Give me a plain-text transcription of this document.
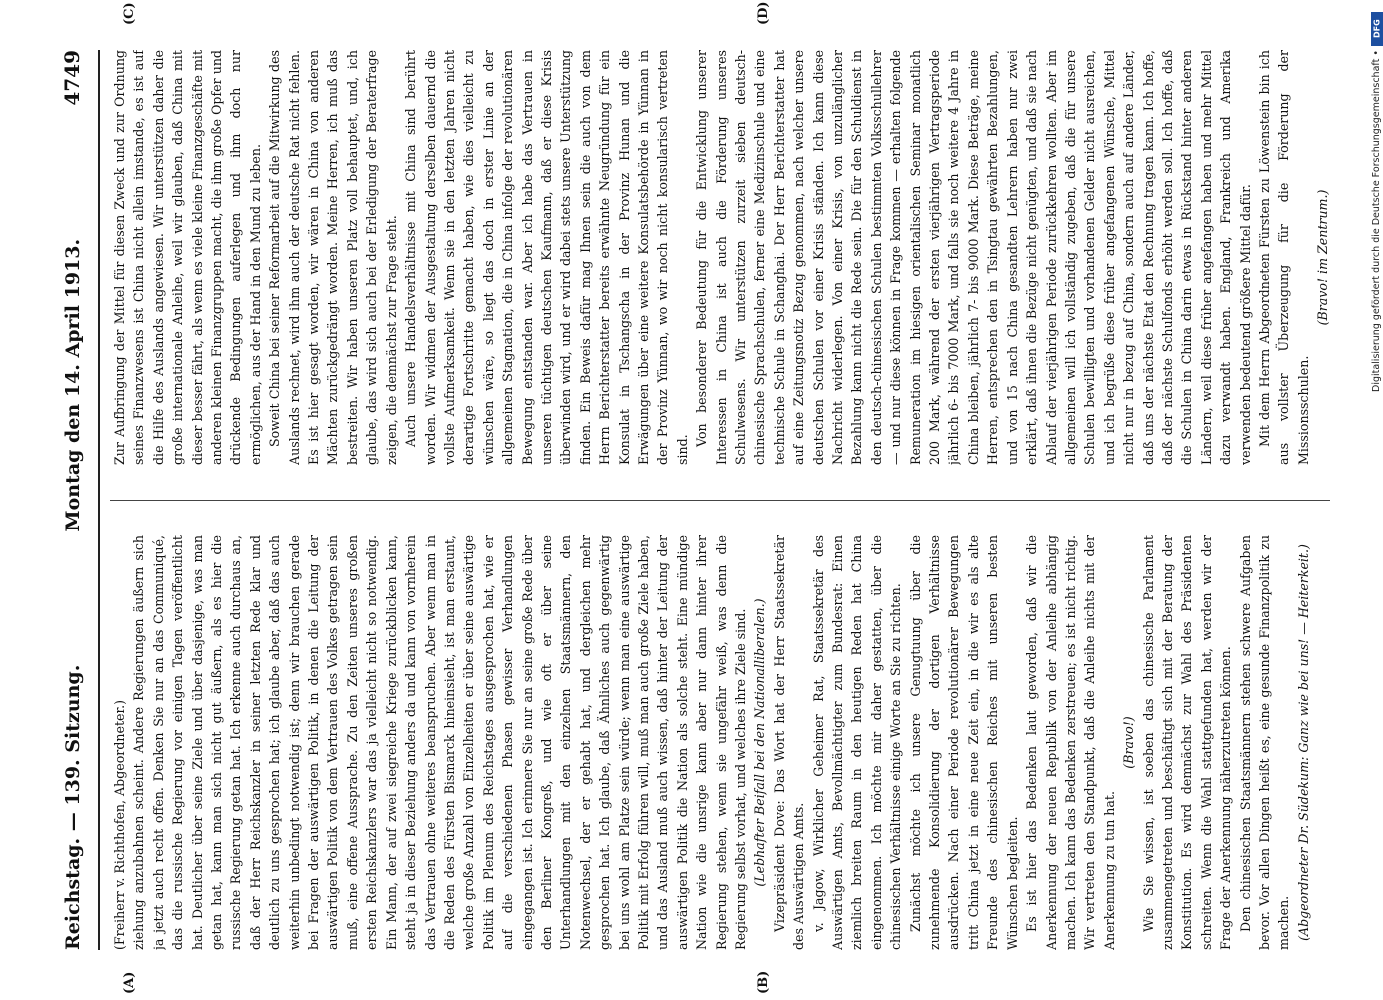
Reichstag. — 139. Sitzung.
Montag den 14. April 1913.
4749
(A)	(B)
(C)	(D)

(Freiherr v. Richthofen, Abgeordneter.) ziehung anzubahnen scheint. Andere Regierungen äußern sich ja jetzt auch recht offen. Denken Sie nur an das Communiqué, das die russische Regierung vor einigen Tagen veröffentlicht hat. Deutlicher über seine Ziele und über dasjenige, was man getan hat, kann man sich nicht gut äußern, als es hier die russische Regierung getan hat. Ich erkenne auch durchaus an, daß der Herr Reichskanzler in seiner letzten Rede klar und deutlich zu uns gesprochen hat; ich glaube aber, daß das auch weiterhin unbedingt notwendig ist; denn wir brauchen gerade bei Fragen der auswärtigen Politik, in denen die Leitung der auswärtigen Politik von dem Vertrauen des Volkes getragen sein muß, eine offene Aussprache. Zu den Zeiten unseres großen ersten Reichskanzlers war das ja vielleicht nicht so notwendig. Ein Mann, der auf zwei siegreiche Kriege zurückblicken kann, steht ja in dieser Beziehung anders da und kann von vornherein das Vertrauen ohne weiteres beanspruchen. Aber wenn man in die Reden des Fürsten Bismarck hineinsieht, ist man erstaunt, welche große Anzahl von Einzelheiten er über seine auswärtige Politik im Plenum des Reichstages ausgesprochen hat, wie er auf die verschiedenen Phasen gewisser Verhandlungen eingegangen ist. Ich erinnere Sie nur an seine große Rede über den Berliner Kongreß, und wie oft er über seine Unterhandlungen mit den einzelnen Staatsmännern, den Notenwechsel, der er gehabt hat, und dergleichen mehr gesprochen hat. Ich glaube, daß Ähnliches auch gegenwärtig bei uns wohl am Platze sein würde; wenn man eine auswärtige Politik mit Erfolg führen will, muß man auch große Ziele haben, und das Ausland muß auch wissen, daß hinter der Leitung der auswärtigen Politik die Nation als solche steht. Eine mündige Nation wie die unsrige kann aber nur dann hinter ihrer Regierung stehen, wenn sie ungefähr weiß, was denn die Regierung selbst vorhat, und welches ihre Ziele sind. (Lebhafter Beifall bei den Nationalliberalen.) Vizepräsident Dove: Das Wort hat der Herr Staatssekretär des Auswärtigen Amts. v. Jagow, Wirklicher Geheimer Rat, Staatssekretär des Auswärtigen Amts, Bevollmächtigter zum Bundesrat: Einen ziemlich breiten Raum in den heutigen Reden hat China eingenommen. Ich möchte mir daher gestatten, über die chinesischen Verhältnisse einige Worte an Sie zu richten. Zunächst möchte ich unsere Genugtuung über die zunehmende Konsolidierung der dortigen Verhältnisse ausdrücken. Nach einer Periode revolutionärer Bewegungen tritt China jetzt in eine neue Zeit ein, in die wir es als alte Freunde des chinesischen Reiches mit unseren besten Wünschen begleiten. Es ist hier das Bedenken laut geworden, daß wir die Anerkennung der neuen Republik von der Anleihe abhängig machen. Ich kann das Bedenken zerstreuen; es ist nicht richtig. Wir vertreten den Standpunkt, daß die Anleihe nichts mit der Anerkennung zu tun hat.

(Bravo!) Wie Sie wissen, ist soeben das chinesische Parlament zusammengetreten und beschäftigt sich mit der Beratung der Konstitution. Es wird demnächst zur Wahl des Präsidenten schreiten. Wenn die Wahl stattgefunden hat, werden wir der Frage der Anerkennung näherzutreten können. Den chinesischen Staatsmännern stehen schwere Aufgaben bevor. Vor allen Dingen heißt es, eine gesunde Finanzpolitik zu machen. (Abgeordneter Dr. Südekum: Ganz wie bei uns! — Heiterkeit.)

Zur Aufbringung der Mittel für diesen Zweck und zur Ordnung seines Finanzwesens ist China nicht allein imstande, es ist auf die Hilfe des Auslands angewiesen. Wir unterstützen daher die große internationale Anleihe, weil wir glauben, daß China mit dieser besser fährt, als wenn es viele kleine Finanzgeschäfte mit anderen kleinen Finanzgruppen macht, die ihm große Opfer und drückende Bedingungen auferlegen und ihm doch nur ermöglichen, aus der Hand in den Mund zu leben. Soweit China bei seiner Reformarbeit auf die Mitwirkung des Auslands rechnet, wird ihm auch der deutsche Rat nicht fehlen. Es ist hier gesagt worden, wir wären in China von anderen Mächten zurückgedrängt worden. Meine Herren, ich muß das bestreiten. Wir haben unseren Platz voll behauptet, und, ich glaube, das wird sich auch bei der Erledigung der Beraterfrage zeigen, die demnächst zur Frage steht. Auch unsere Handelsverhältnisse mit China sind berührt worden. Wir widmen der Ausgestaltung derselben dauernd die vollste Aufmerksamkeit. Wenn sie in den letzten Jahren nicht derartige Fortschritte gemacht haben, wie dies vielleicht zu wünschen wäre, so liegt das doch in erster Linie an der allgemeinen Stagnation, die in China infolge der revolutionären Bewegung entstanden war. Aber ich habe das Vertrauen in unseren tüchtigen deutschen Kaufmann, daß er diese Krisis überwinden wird, und er wird dabei stets unsere Unterstützung finden. Ein Beweis dafür mag Ihnen sein die auch von dem Herrn Berichterstatter bereits erwähnte Neugründung für ein Konsulat in Tschangscha in der Provinz Hunan und die Erwägungen über eine weitere Konsulatsbehörde in Yünnan in der Provinz Yünnan, wo wir noch nicht konsularisch vertreten sind.

Von besonderer Bedeutung für die Entwicklung unserer Interessen in China ist auch die Förderung unseres Schulwesens. Wir unterstützen zurzeit sieben deutsch-chinesische Sprachschulen, ferner eine Medizinschule und eine technische Schule in Schanghai. Der Herr Berichterstatter hat auf eine Zeitungsnotiz Bezug genommen, nach welcher unsere deutschen Schulen vor einer Krisis ständen. Ich kann diese Nachricht widerlegen. Von einer Krisis, von unzulänglicher Bezahlung kann nicht die Rede sein. Die für den Schuldienst in den deutsch-chinesischen Schulen bestimmten Volksschullehrer — und nur diese können in Frage kommen — erhalten folgende Remuneration im hiesigen orientalischen Seminar monatlich 200 Mark, während der ersten vierjährigen Vertragsperiode jährlich 6- bis 7000 Mark, und falls sie noch weitere 4 Jahre in China bleiben, jährlich 7- bis 9000 Mark. Diese Beträge, meine Herren, entsprechen den in Tsingtau gewährten Bezahlungen, und von 15 nach China gesandten Lehrern haben nur zwei erklärt, daß ihnen die Bezüge nicht genügten, und daß sie nach Ablauf der vierjährigen Periode zurückkehren wollten. Aber im allgemeinen will ich vollständig zugeben, daß die für unsere Schulen bewilligten und vorhandenen Gelder nicht ausreichen, und ich begrüße diese früher angefangenen Wünsche, Mittel nicht nur in bezug auf China, sondern auch auf andere Länder, daß uns der nächste Etat den Rechnung tragen kann. Ich hoffe, daß der nächste Schulfonds erhöht werden soll. Ich hoffe, daß die Schulen in China darin etwas in Rückstand hinter anderen Ländern, weil diese früher angefangen haben und mehr Mittel dazu verwandt haben. England, Frankreich und Amerika verwenden bedeutend größere Mittel dafür. Mit dem Herrn Abgeordneten Fürsten zu Löwenstein bin ich aus vollster Überzeugung für die Förderung der Missionsschulen.

(Bravo! im Zentrum.)

DFG
Digitalisierung gefördert durch die Deutsche Forschungsgemeinschaft •
